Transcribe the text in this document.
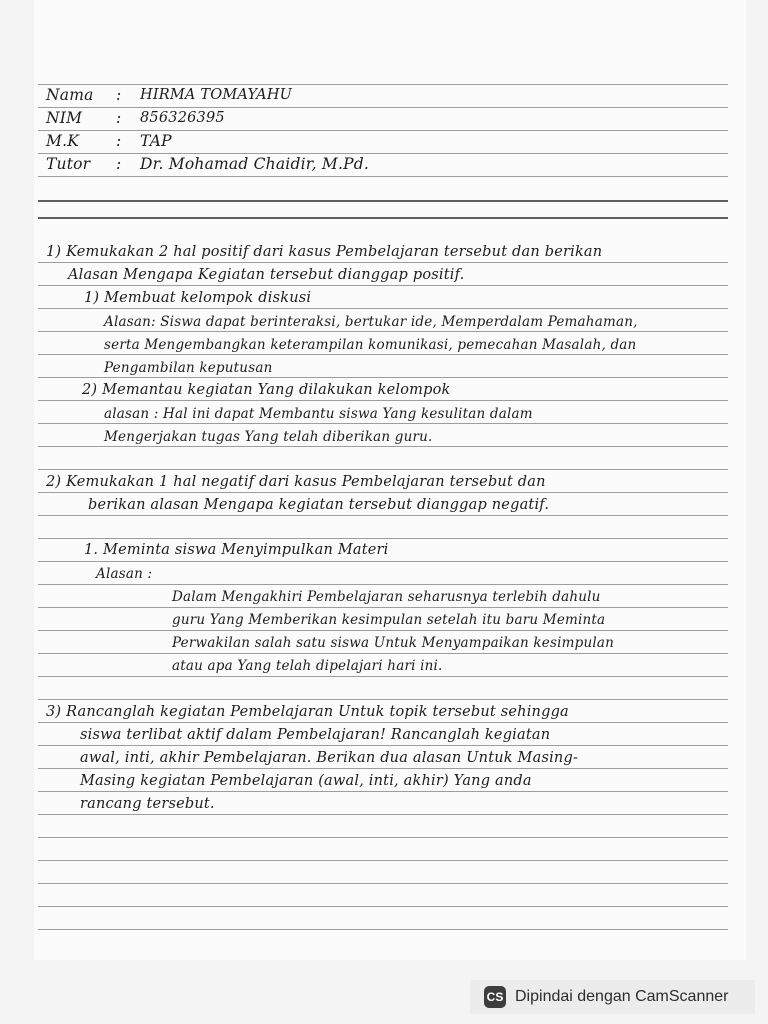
Nama : HIRMA TOMAYAHU
NIM : 856326395
M.K : TAP
Tutor : Dr. Mohamad Chaidir, M.Pd.
1) Kemukakan 2 hal positif dari kasus Pembelajaran tersebut dan berikan
Alasan Mengapa Kegiatan tersebut dianggap positif.
1) Membuat kelompok diskusi
Alasan: Siswa dapat berinteraksi, bertukar ide, Memperdalam Pemahaman,
serta Mengembangkan keterampilan komunikasi, pemecahan Masalah, dan
Pengambilan keputusan
2) Memantau kegiatan Yang dilakukan kelompok
alasan : Hal ini dapat Membantu siswa Yang kesulitan dalam
Mengerjakan tugas Yang telah diberikan guru.
2) Kemukakan 1 hal negatif dari kasus Pembelajaran tersebut dan
berikan alasan Mengapa kegiatan tersebut dianggap negatif.
1. Meminta siswa Menyimpulkan Materi
Alasan :
Dalam Mengakhiri Pembelajaran seharusnya terlebih dahulu
guru Yang Memberikan kesimpulan setelah itu baru Meminta
Perwakilan salah satu siswa Untuk Menyampaikan kesimpulan
atau apa Yang telah dipelajari hari ini.
3) Rancanglah kegiatan Pembelajaran Untuk topik tersebut sehingga
siswa terlibat aktif dalam Pembelajaran! Rancanglah kegiatan
awal, inti, akhir Pembelajaran. Berikan dua alasan Untuk Masing-
Masing kegiatan Pembelajaran (awal, inti, akhir) Yang anda
rancang tersebut.
CS Dipindai dengan CamScanner
